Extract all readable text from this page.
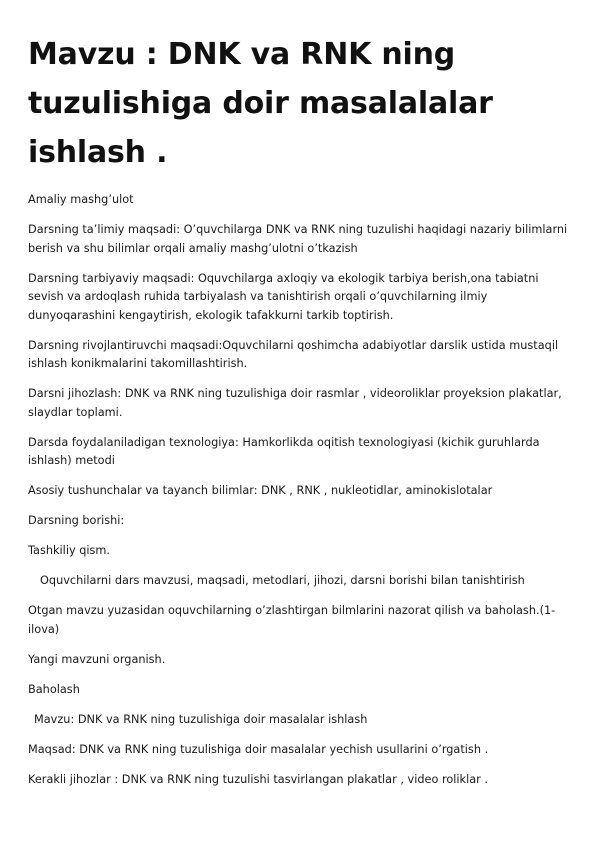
Mavzu : DNK va RNK ning tuzulishiga doir masalalalar ishlash .

Amaliy mashg’ulot

Darsning ta’limiy maqsadi: O’quvchilarga DNK va RNK ning tuzulishi haqidagi nazariy bilimlarni berish va shu bilimlar orqali amaliy mashg’ulotni o’tkazish

Darsning tarbiyaviy maqsadi: Oquvchilarga axloqiy va ekologik tarbiya berish,ona tabiatni sevish va ardoqlash ruhida tarbiyalash va tanishtirish orqali o’quvchilarning ilmiy dunyoqarashini kengaytirish, ekologik tafakkurni tarkib toptirish.

Darsning rivojlantiruvchi maqsadi:Oquvchilarni qoshimcha adabiyotlar darslik ustida mustaqil ishlash konikmalarini takomillashtirish.

Darsni jihozlash: DNK va RNK ning tuzulishiga doir rasmlar , videoroliklar proyeksion plakatlar, slaydlar toplami.

Darsda foydalaniladigan texnologiya: Hamkorlikda oqitish texnologiyasi (kichik guruhlarda ishlash) metodi

Asosiy tushunchalar va tayanch bilimlar: DNK , RNK , nukleotidlar, aminokislotalar

Darsning borishi:

Tashkiliy qism.

Oquvchilarni dars mavzusi, maqsadi, metodlari, jihozi, darsni borishi bilan tanishtirish

Otgan mavzu yuzasidan oquvchilarning o’zlashtirgan bilmlarini nazorat qilish va baholash.(1-ilova)

Yangi mavzuni organish.

Baholash

Mavzu: DNK va RNK ning tuzulishiga doir masalalar ishlash

Maqsad: DNK va RNK ning tuzulishiga doir masalalar yechish usullarini o’rgatish .

Kerakli jihozlar : DNK va RNK ning tuzulishi tasvirlangan plakatlar , video roliklar .
